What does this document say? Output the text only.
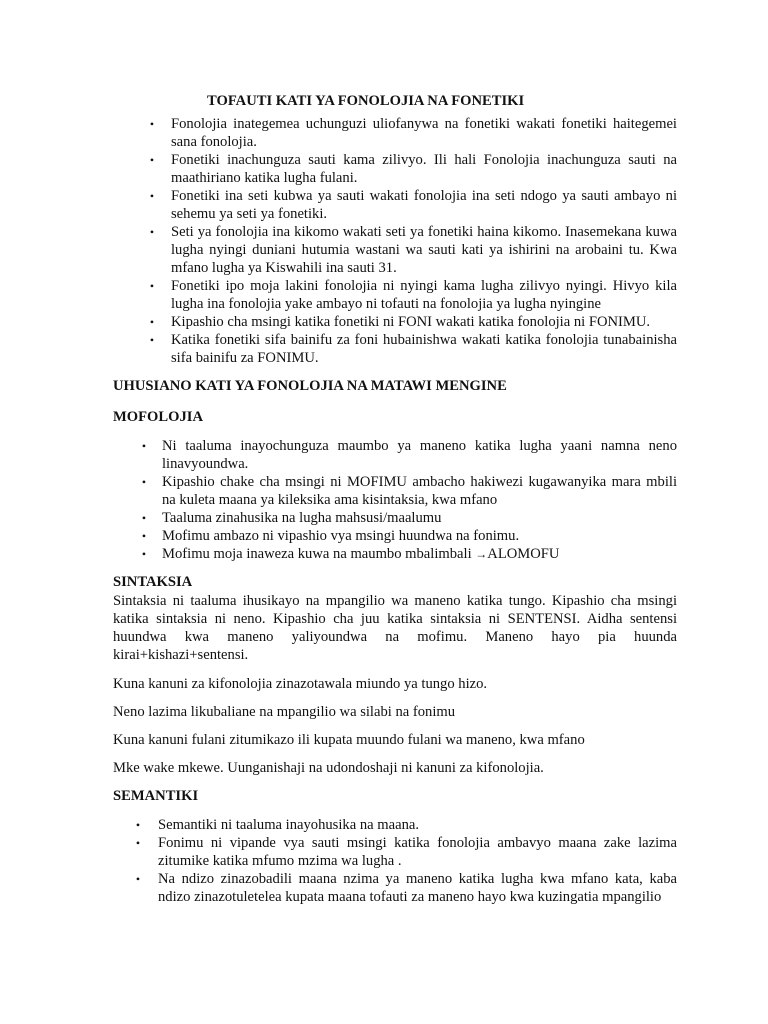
TOFAUTI KATI YA FONOLOJIA NA FONETIKI
• Fonolojia inategemea uchunguzi uliofanywa na fonetiki wakati fonetiki haitegemei sana fonolojia.
• Fonetiki inachunguza sauti kama zilivyo. Ili hali Fonolojia inachunguza sauti na maathiriano katika lugha fulani.
• Fonetiki ina seti kubwa ya sauti wakati fonolojia ina seti ndogo ya sauti ambayo ni sehemu ya seti ya fonetiki.
• Seti ya fonolojia ina kikomo wakati seti ya fonetiki haina kikomo. Inasemekana kuwa lugha nyingi duniani hutumia wastani wa sauti kati ya ishirini na arobaini tu. Kwa mfano lugha ya Kiswahili ina sauti 31.
• Fonetiki ipo moja lakini fonolojia ni nyingi kama lugha zilivyo nyingi. Hivyo kila lugha ina fonolojia yake ambayo ni tofauti na fonolojia ya lugha nyingine
• Kipashio cha msingi katika fonetiki ni FONI wakati katika fonolojia ni FONIMU.
• Katika fonetiki sifa bainifu za foni hubainishwa wakati katika fonolojia tunabainisha sifa bainifu za FONIMU.
UHUSIANO KATI YA FONOLOJIA NA MATAWI MENGINE
MOFOLOJIA
• Ni taaluma inayochunguza maumbo ya maneno katika lugha yaani namna neno linavyoundwa.
• Kipashio chake cha msingi ni MOFIMU ambacho hakiwezi kugawanyika mara mbili na kuleta maana ya kileksika ama kisintaksia, kwa mfano
• Taaluma zinahusika na lugha mahsusi/maalumu
• Mofimu ambazo ni vipashio vya msingi huundwa na fonimu.
• Mofimu moja inaweza kuwa na maumbo mbalimbali →ALOMOFU
SINTAKSIA

Sintaksia ni taaluma ihusikayo na mpangilio wa maneno katika tungo. Kipashio cha msingi katika sintaksia ni neno. Kipashio cha juu katika sintaksia ni SENTENSI. Aidha sentensi huundwa kwa maneno yaliyoundwa na mofimu. Maneno hayo pia huunda kirai+kishazi+sentensi.

Kuna kanuni za kifonolojia zinazotawala miundo ya tungo hizo.

Neno lazima likubaliane na mpangilio wa silabi na fonimu

Kuna kanuni fulani zitumikazo ili kupata muundo fulani wa maneno, kwa mfano

Mke wake mkewe. Uunganishaji na udondoshaji ni kanuni za kifonolojia.

SEMANTIKI
• Semantiki ni taaluma inayohusika na maana.
• Fonimu ni vipande vya sauti msingi katika fonolojia ambavyo maana zake lazima zitumike katika mfumo mzima wa lugha .
• Na ndizo zinazobadili maana nzima ya maneno katika lugha kwa mfano kata, kaba ndizo zinazotuletelea kupata maana tofauti za maneno hayo kwa kuzingatia mpangilio
